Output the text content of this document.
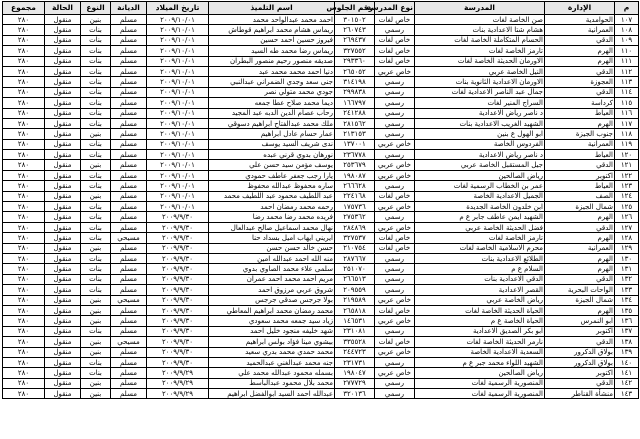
م	الإدارة	المدرسة	نوع المدرسة	رقم الجلوس	اسم التلميذ	تاريخ الميلاد	الديانة	النوع	الحالة	مجموع
١٠٧	الحوامدية	صن الخاصة لغات	خاص لغات	٣٠١٥٠٢	احمد محمد عبدالواحد محمد	٢٠٠٩/١٠/٠١	مسلم	بنين	منقول	٢٨٠
١٠٨	العمرانية	هشام شتا الاعدادية بنات	رسمي	٢٦٠٧٤٣	ريماس هشام محمد ابراهيم قوطاش	٢٠٠٩/١٠/٠١	مسلم	بنات	منقول	٢٨٠
١٠٩	الدقي	الحسام المتكاملة الخاصة لغات	خاص لغات	٢٦٩٤٣٧	فيروز حسين احمد حسين	٢٠٠٩/١٠/٠١	مسلم	بنات	منقول	٢٨٠
١١٠	الهرم	تارمز الخاصة لغات	خاص لغات	٣٢٧٥٥٢	ريماس رضا محمد طه السيد	٢٠٠٩/١٠/٠١	مسلم	بنات	منقول	٢٨٠
١١١	الهرم	الاورمان الحديثة الخاصة لغات	خاص لغات	٢٩٣٣٦٠	صديقه منصور رحيم منصور البطران	٢٠٠٩/١٠/٠١	مسلم	بنات	منقول	٢٨٠
١١٢	الدقي	النيل الخاصة عربي	خاص عربي	٢٦٥٠٥٢	دنيا احمد محمد محمد عبد	٢٠٠٩/١٠/٠١	مسلم	بنات	منقول	٢٨٠
١١٣	العجوزة	الاورمان الاعدادية الثانوية بنات	رسمي	٣١٤١٩٨	جنى سعد وجدي الضمراني عبدالنبي	٢٠٠٩/١٠/٠١	مسلم	بنات	منقول	٢٨٠
١١٤	الدقي	جمال عبد الناصر الاعدادية لغات	رسمي	٢٩٩٨٣٨	جودي محمد متولي نصر	٢٠٠٩/١٠/٠١	مسلم	بنات	منقول	٢٨٠
١١٥	كرداسة	السراج المنير لغات	رسمي	١٦٦٧٩٧	ديما محمد صلاح عطا جمعه	٢٠٠٩/١٠/٠١	مسلم	بنات	منقول	٢٨٠
١١٦	العياط	د ناصر رياض الاعدادية	رسمي	٢٤١٢٨٨	رحاب عصام الدين الدبه عبد المجيد	٢٠٠٩/١٠/٠١	مسلم	بنات	منقول	٢٨٠
١١٧	الهرم	الشهيد الغريب الاعدادية بنات	رسمي	٢٨١٥٦٢	ملك محمد عبدالفتاح ابراهيم دسوقي	٢٠٠٩/١٠/٠١	مسلم	بنات	منقول	٢٨٠
١١٨	جنوب الجيزة	ابو الهول ع بنين	رسمي	٢١٣١٥٣	عمار حسام عادل ابراهيم	٢٠٠٩/١٠/٠١	مسلم	بنين	منقول	٢٨٠
١١٩	العمرانية	الفردوس الخاصة	خاص عربي	١٣٧٠٠١	ندى شريف السيد يوسف	٢٠٠٩/١٠/٠١	مسلم	بنات	منقول	٢٨٠
١٢٠	العياط	د ناصر رياض الاعدادية	رسمي	٢٣٦٧٧٨	نورهان بدوي قرني عبده	٢٠٠٩/١٠/٠١	مسلم	بنات	منقول	٢٨٠
١٢١	الدقي	جيل المستقبل الخاصة عربي	خاص عربي	٢٥٣٦٧٩	يوسف مؤمن سيد حسن علي	٢٠٠٩/١٠/٠١	مسلم	بنين	منقول	٢٨٠
١٢٢	اكتوبر	رياض الصالحين	خاص عربي	١٩٨٠٨٧	يارا رجب جعفر عاطف حمودي	٢٠٠٩/١٠/٠١	مسلم	بنات	منقول	٢٨٠
١٢٣	العياط	عمر بن الخطاب الرسمية لغات	رسمي	٢٦٦٦٢٨	ساره محفوظ عبدالله محفوظ	٢٠٠٩/١٠/٠١	مسلم	بنات	منقول	٢٨٠
١٢٤	الصف	الجميل الاعدادية الخاصة	خاص لغات	٢٢٤١٦٨	عبد اللطيف محمود عبد اللطيف محمد	٢٠٠٩/١٠/٠١	مسلم	بنين	منقول	٢٨٠
١٢٥	شمال الجيزة	ابن خلدون الخاصة الجديدة	خاص عربي	١٧٥٧٣٦	رحمه محمد رمضان احمد	٢٠٠٩/١٠/٠١	مسلم	بنات	منقول	٢٨٠
١٢٦	الهرم	الشهيد ايمن عاطف جابر ع م	رسمي	٢٧٥٣٦٢	فريده محمد رضا محمد رضا	٢٠٠٩/٩/٣٠	مسلم	بنات	منقول	٢٨٠
١٢٧	الدقي	فضل الحديثة الخاصة عربي	خاص عربي	٢٨٤٨٦٩	نهال محمد اسماعيل صالح عبدالعال	٢٠٠٩/٩/٣٠	مسلم	بنات	منقول	٢٨٠
١٢٨	الهرم	تارمز الخاصة لغات	خاص لغات	٣٢٧٥٣٧	ايريني ايهاب اميل بسداد حنا	٢٠٠٩/٩/٣٠	مسيحي	بنات	منقول	٢٨٠
١٢٩	العمرانية	محرم الاسلامية الخاصة لغات	خاص لغات	٢١٠٧٥٤	حسن خالد حسن حسن	٢٠٠٩/٩/٣٠	مسلم	بنين	منقول	٢٨٠
١٣٠	الهرم	الطلائع الاعدادية بنات	رسمي	٢٨٧٦٦٧	منه الله احمد عبدالله امين	٢٠٠٩/٩/٣٠	مسلم	بنات	منقول	٢٨٠
١٣١	الهرم	السلام ع م	رسمي	٢٥١٠٧٠	سلمى علاء محمد الصاوي بدوي	٢٠٠٩/٩/٣٠	مسلم	بنات	منقول	٢٨٠
١٣٢	الدقي	الدقي الاعدادية بنات	رسمي	٢٦٦٥١٣	مريم احمد محمد احمد عمران	٢٠٠٩/٩/٣٠	مسلم	بنات	منقول	٢٨٠
١٣٣	الواحات البحرية	القصر الاعدادية	رسمي	٢٠٩٥٥٩	شروق عربي مرزوق احمد	٢٠٠٩/٩/٣٠	مسلم	بنات	منقول	٢٨٠
١٣٤	شمال الجيزة	رياض الخاصة عربي	خاص عربي	٢١٩٥٨٩	بولا جرجس صدقي جرجس	٢٠٠٩/٩/٣٠	مسيحي	بنين	منقول	٢٨٠
١٣٥	الهرم	الحياة الحديثة الخاصة لغات	خاص لغات	٢٦٥٨١٨	محمد رمضان محمد ابراهيم المعاطي	٢٠٠٩/٩/٣٠	مسلم	بنين	منقول	٢٨٠
١٣٦	ابو النمرس	الحياة الخاصة ع م	خاص عربي	١٤٦٥٣١	زياد سيد جمعه محمد سعودي	٢٠٠٩/٩/٣٠	مسلم	بنين	منقول	٢٨٠
١٣٧	اكتوبر	ابو بكر الصديق الاعدادية	رسمي	٢٣١٠٨١	شهد خليفه منجود خليل احمد	٢٠٠٩/٩/٣٠	مسلم	بنات	منقول	٢٨٠
١٣٨	الدقي	نارمر الحديثة الخاصة لغات	خاص لغات	٣٣٥٥٢٨	بيشوي مينا فؤاد بولس ابراهيم	٢٠٠٩/٩/٣٠	مسيحي	بنين	منقول	٢٨٠
١٣٩	بولاق الدكرور	السعدية الاعدادية الخاصة	خاص عربي	٢٤٤٧٢٣	محمد حمدي محمد بدري سعيد	٢٠٠٩/٩/٣٠	مسلم	بنين	منقول	٢٨٠
١٤٠	بولاق الدكرور	الشهيد اللواء محمد جبر ع م	رسمي	٢٣١٧٣١	جنه محمد عبدالغني عبدالحميد	٢٠٠٩/٩/٣٠	مسلم	بنات	منقول	٢٨٠
١٤١	اكتوبر	رياض الصالحين	خاص عربي	١٩٨٠٤٧	بسمله محمود عبدالله محمد علي	٢٠٠٩/٩/٢٩	مسلم	بنات	منقول	٢٨٠
١٤٢	الدقي	المنصورية الرسمية لغات	رسمي	٢٧٧٧٢٩	محمد بلال محمود عبدالباسط	٢٠٠٩/٩/٢٩	مسلم	بنين	منقول	٢٨٠
١٤٣	منشأة القناطر	المنصورية الرسمية لغات	رسمي	٣٢٠١٣٦	عبدالله احمد السيد ابوالفضل ابراهيم	٢٠٠٩/٩/٢٩	مسلم	بنين	منقول	٢٨٠
